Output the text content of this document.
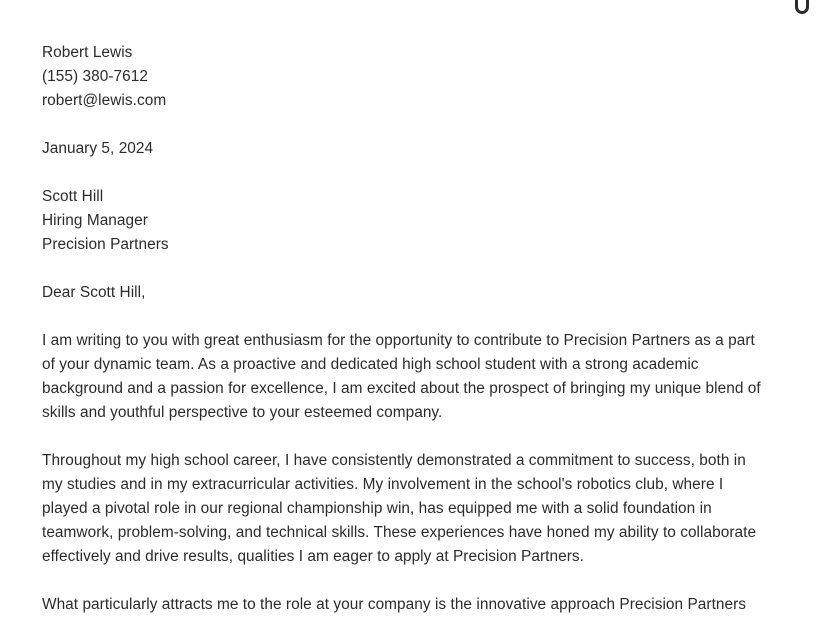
Robert Lewis
(155) 380-7612
robert@lewis.com
January 5, 2024
Scott Hill
Hiring Manager
Precision Partners
Dear Scott Hill,
I am writing to you with great enthusiasm for the opportunity to contribute to Precision Partners as a part
of your dynamic team. As a proactive and dedicated high school student with a strong academic
background and a passion for excellence, I am excited about the prospect of bringing my unique blend of
skills and youthful perspective to your esteemed company.
Throughout my high school career, I have consistently demonstrated a commitment to success, both in
my studies and in my extracurricular activities. My involvement in the school's robotics club, where I
played a pivotal role in our regional championship win, has equipped me with a solid foundation in
teamwork, problem-solving, and technical skills. These experiences have honed my ability to collaborate
effectively and drive results, qualities I am eager to apply at Precision Partners.
What particularly attracts me to the role at your company is the innovative approach Precision Partners
